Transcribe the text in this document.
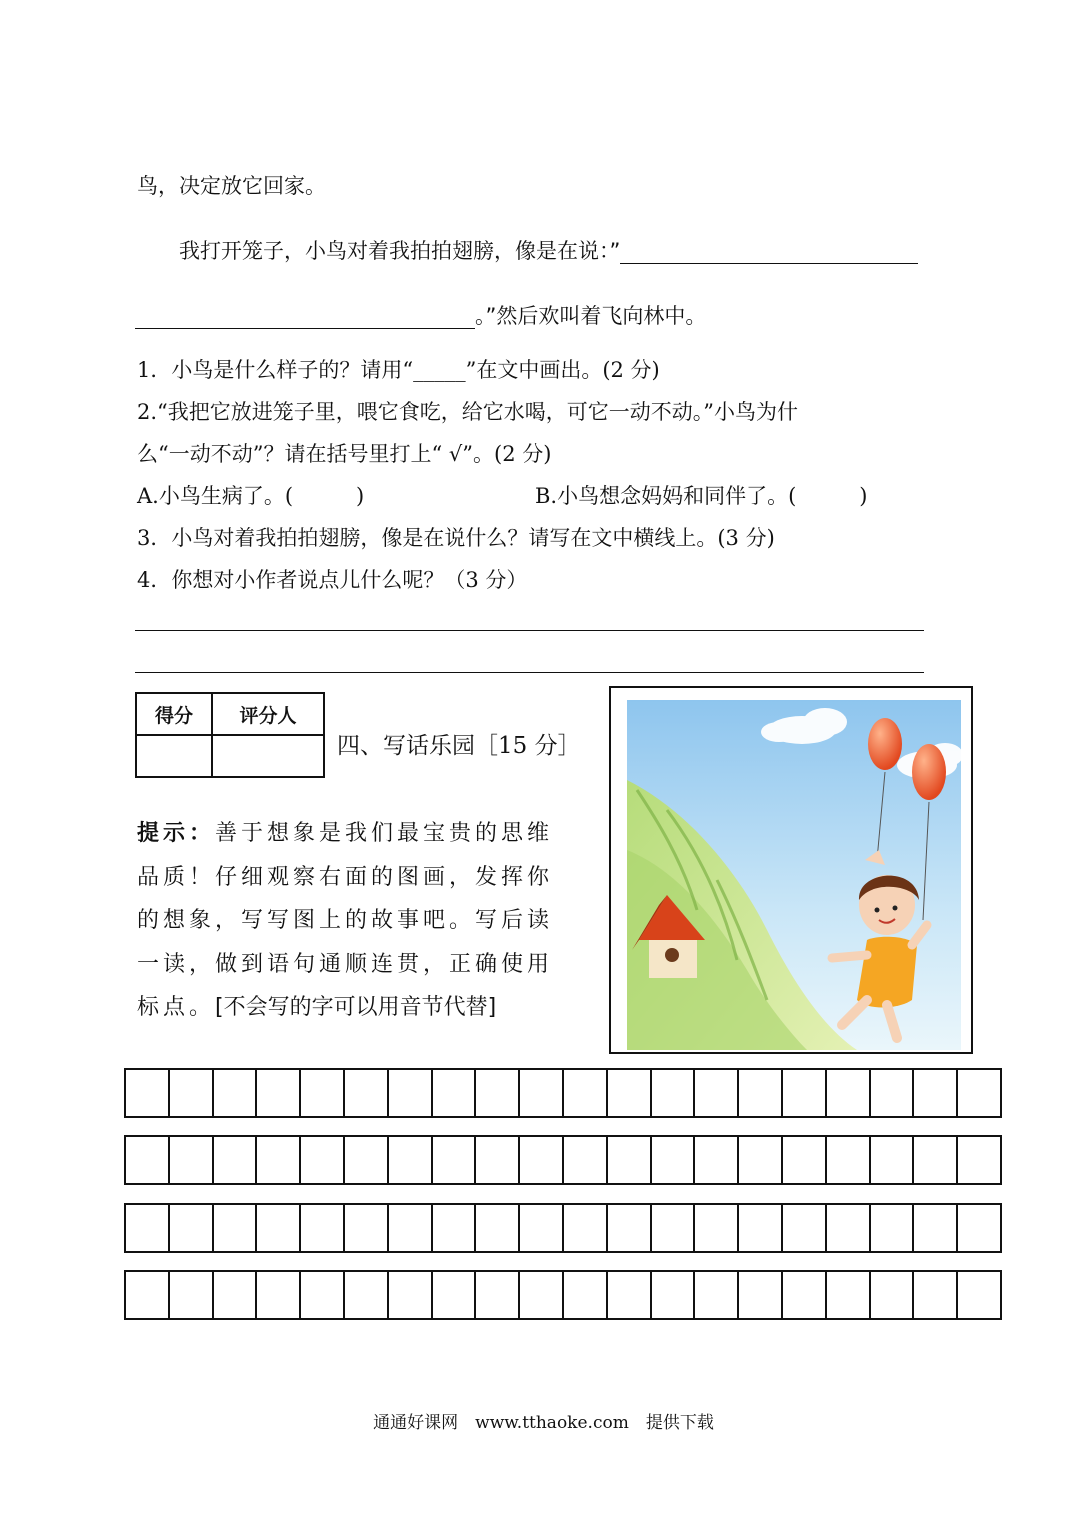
鸟，决定放它回家。
我打开笼子，小鸟对着我拍拍翅膀，像是在说：”
。”然后欢叫着飞向林中。
1．小鸟是什么样子的？请用“_____”在文中画出。(2 分)
2.“我把它放进笼子里，喂它食吃，给它水喝，可它一动不动。”小鸟为什
么“一动不动”？请在括号里打上“ √”。(2 分)
A.小鸟生病了。(　　　)	B.小鸟想念妈妈和同伴了。(　　　)
3．小鸟对着我拍拍翅膀，像是在说什么？请写在文中横线上。(3 分)
4．你想对小作者说点儿什么呢？（3 分）
得分	评分人

四、写话乐园［15 分］
提示：善于想象是我们最宝贵的思维品质！仔细观察右面的图画，发挥你的想象，写写图上的故事吧。写后读一读，做到语句通顺连贯，正确使用标点。[不会写的字可以用音节代替]
通通好课网　www.tthaoke.com　提供下载
